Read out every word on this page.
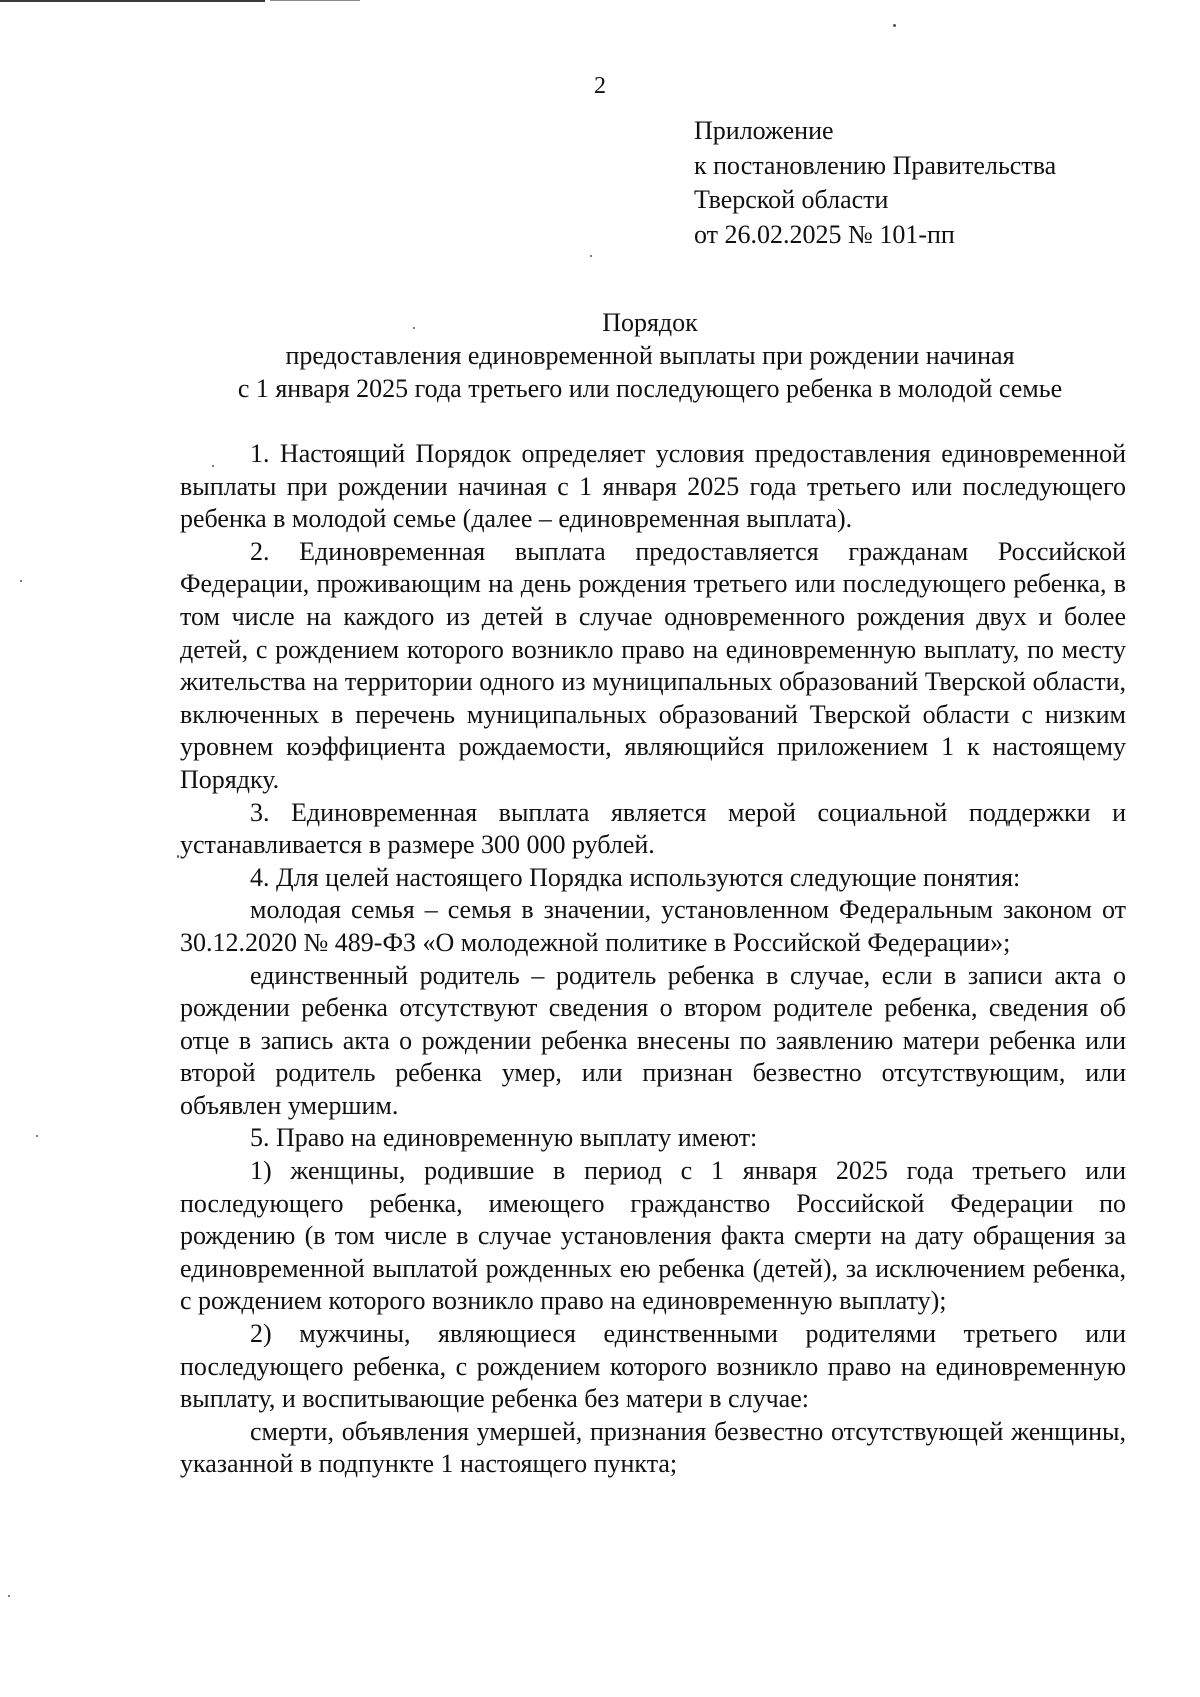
2
Приложение
к постановлению Правительства
Тверской области
от 26.02.2025 № 101-пп
Порядок
предоставления единовременной выплаты при рождении начиная
с 1 января 2025 года третьего или последующего ребенка в молодой семье

1. Настоящий Порядок определяет условия предоставления единовременной выплаты при рождении начиная с 1 января 2025 года третьего или последующего ребенка в молодой семье (далее – единовременная выплата).

2. Единовременная выплата предоставляется гражданам Российской Федерации, проживающим на день рождения третьего или последующего ребенка, в том числе на каждого из детей в случае одновременного рождения двух и более детей, с рождением которого возникло право на единовременную выплату, по месту жительства на территории одного из муниципальных образований Тверской области, включенных в перечень муниципальных образований Тверской области с низким уровнем коэффициента рождаемости, являющийся приложением 1 к настоящему Порядку.

3. Единовременная выплата является мерой социальной поддержки и устанавливается в размере 300 000 рублей.

4. Для целей настоящего Порядка используются следующие понятия:

молодая семья – семья в значении, установленном Федеральным законом от 30.12.2020 № 489-ФЗ «О молодежной политике в Российской Федерации»;

единственный родитель – родитель ребенка в случае, если в записи акта о рождении ребенка отсутствуют сведения о втором родителе ребенка, сведения об отце в запись акта о рождении ребенка внесены по заявлению матери ребенка или второй родитель ребенка умер, или признан безвестно отсутствующим, или объявлен умершим.

5. Право на единовременную выплату имеют:

1) женщины, родившие в период с 1 января 2025 года третьего или последующего ребенка, имеющего гражданство Российской Федерации по рождению (в том числе в случае установления факта смерти на дату обращения за единовременной выплатой рожденных ею ребенка (детей), за исключением ребенка, с рождением которого возникло право на единовременную выплату);

2) мужчины, являющиеся единственными родителями третьего или последующего ребенка, с рождением которого возникло право на единовременную выплату, и воспитывающие ребенка без матери в случае:

смерти, объявления умершей, признания безвестно отсутствующей женщины, указанной в подпункте 1 настоящего пункта;
